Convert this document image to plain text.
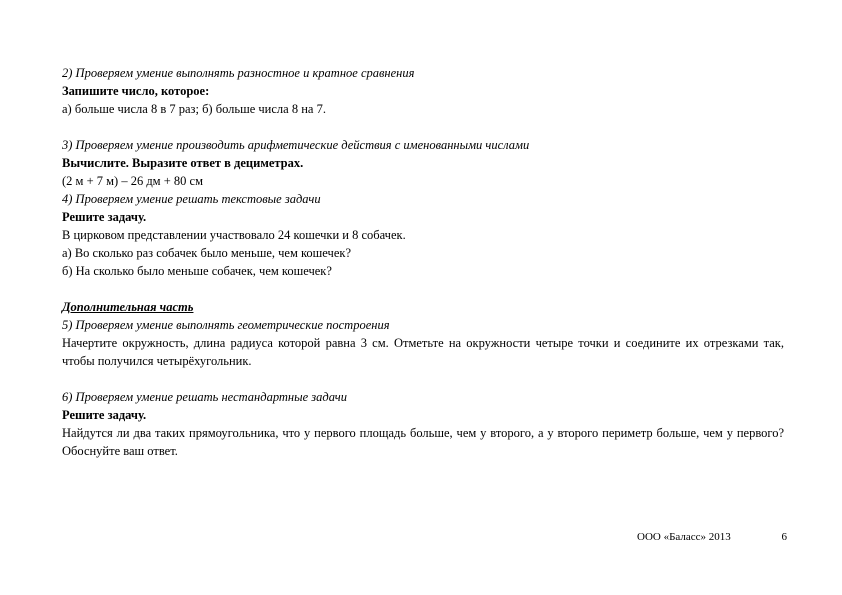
2) Проверяем умение выполнять разностное и кратное сравнения
Запишите число, которое:
а) больше числа 8 в 7 раз; б) больше числа 8 на 7.
3) Проверяем умение производить арифметические действия с именованными числами
Вычислите. Выразите ответ в дециметрах.
(2 м + 7 м) – 26 дм + 80 см
4) Проверяем умение решать текстовые задачи
Решите задачу.
В цирковом представлении участвовало 24 кошечки и 8 собачек.
а) Во сколько раз собачек было меньше, чем кошечек?
б) На сколько было меньше собачек, чем кошечек?
Дополнительная часть
5) Проверяем умение выполнять геометрические построения
Начертите окружность, длина радиуса которой равна 3 см. Отметьте на окружности четыре точки и соедините их отрезками так, чтобы получился четырёхугольник.
6) Проверяем умение решать нестандартные задачи
Решите задачу.
Найдутся ли два таких прямоугольника, что у первого площадь больше, чем у второго, а у второго периметр больше, чем у первого? Обоснуйте ваш ответ.
ООО «Баласс» 2013	6
